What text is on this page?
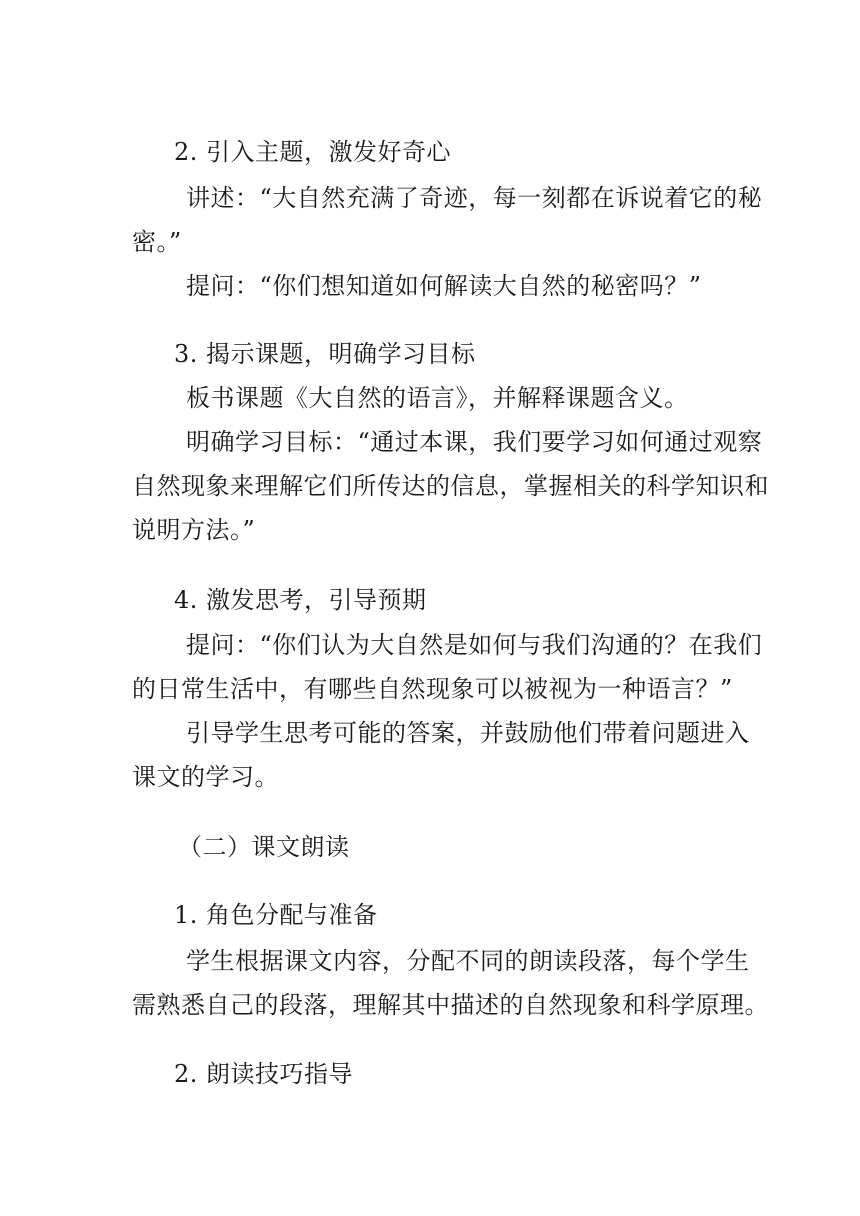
2. 引入主题，激发好奇心
讲述：“大自然充满了奇迹，每一刻都在诉说着它的秘
密。”
提问：“你们想知道如何解读大自然的秘密吗？”
3. 揭示课题，明确学习目标
板书课题《大自然的语言》，并解释课题含义。
明确学习目标：“通过本课，我们要学习如何通过观察
自然现象来理解它们所传达的信息，掌握相关的科学知识和
说明方法。”
4. 激发思考，引导预期
提问：“你们认为大自然是如何与我们沟通的？在我们
的日常生活中，有哪些自然现象可以被视为一种语言？”
引导学生思考可能的答案，并鼓励他们带着问题进入
课文的学习。
（二）课文朗读
1. 角色分配与准备
学生根据课文内容，分配不同的朗读段落，每个学生
需熟悉自己的段落，理解其中描述的自然现象和科学原理。
2. 朗读技巧指导
